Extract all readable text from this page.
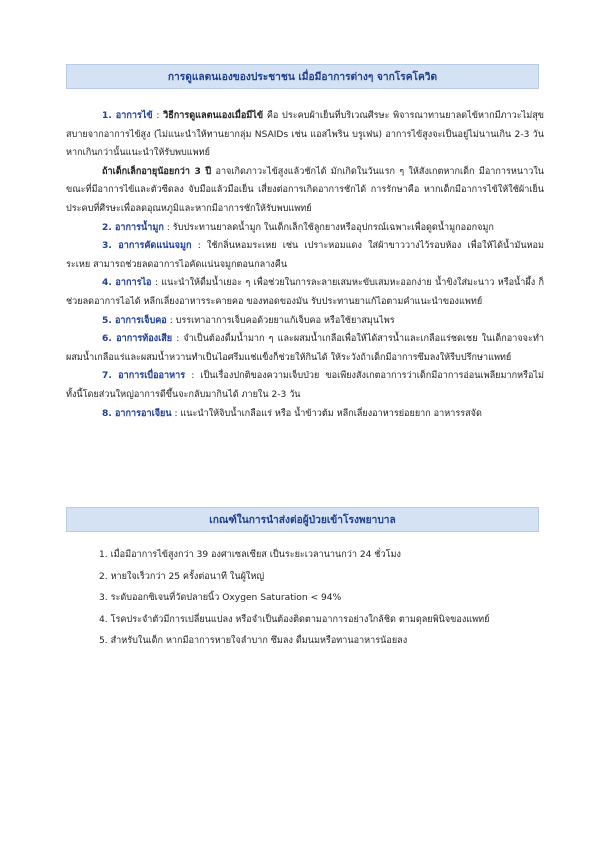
การดูแลตนเองของประชาชน เมื่อมีอาการต่างๆ จากโรคโควิด

1. อาการไข้ : วิธีการดูแลตนเองเมื่อมีไข้ คือ ประคบผ้าเย็นที่บริเวณศีรษะ พิจารณาทานยาลดไข้หากมีภาวะไม่สุขสบายจากอาการไข้สูง (ไม่แนะนำให้ทานยากลุ่ม NSAIDs เช่น แอสไพริน บรูเฟน) อาการไข้สูงจะเป็นอยู่ไม่นานเกิน 2-3 วัน หากเกินกว่านั้นแนะนำให้รับพบแพทย์

ถ้าเด็กเล็กอายุน้อยกว่า 3 ปี อาจเกิดภาวะไข้สูงแล้วชักได้ มักเกิดในวันแรก ๆ ให้สังเกตหากเด็ก มีอาการหนาวในขณะที่มีอาการไข้และตัวซีดลง จับมือแล้วมือเย็น เสี่ยงต่อการเกิดอาการชักได้ การรักษาคือ หากเด็กมีอาการไข้ให้ใช้ผ้าเย็นประคบที่ศีรษะเพื่อลดอุณหภูมิและหากมีอาการชักให้รับพบแพทย์

2. อาการน้ำมูก : รับประทานยาลดน้ำมูก ในเด็กเล็กใช้ลูกยางหรืออุปกรณ์เฉพาะเพื่อดูดน้ำมูกออกจมูก

3. อาการคัดแน่นจมูก : ใช้กลิ่นหอมระเหย เช่น เปราะหอมแดง ใส่ผ้าขาววางไว้รอบห้อง เพื่อให้ได้น้ำมันหอมระเหย สามารถช่วยลดอาการไอคัดแน่นจมูกตอนกลางคืน

4. อาการไอ : แนะนำให้ดื่มน้ำเยอะ ๆ เพื่อช่วยในการละลายเสมหะขับเสมหะออกง่าย น้ำขิงใส่มะนาว หรือน้ำผึ้ง ก็ช่วยลดอาการไอได้ หลีกเลี่ยงอาหารระคายคอ ของทอดของมัน รับประทานยาแก้ไอตามคำแนะนำของแพทย์

5. อาการเจ็บคอ : บรรเทาอาการเจ็บคอด้วยยาแก้เจ็บคอ หรือใช้ยาสมุนไพร

6. อาการท้องเสีย : จำเป็นต้องดื่มน้ำมาก ๆ และผสมน้ำเกลือเพื่อให้ได้สารน้ำและเกลือแร่ชดเชย ในเด็กอาจจะทำผสมน้ำเกลือแร่และผสมน้ำหวานทำเป็นไอศรีมแช่แข็งก็ช่วยให้กินได้ ให้ระวังถ้าเด็กมีอาการซึมลงให้รีบปรึกษาแพทย์

7. อาการเบื่ออาหาร : เป็นเรื่องปกติของความเจ็บป่วย ขอเพียงสังเกตอาการว่าเด็กมีอาการอ่อนเพลียมากหรือไม่ ทั้งนี้โดยส่วนใหญ่อาการดีขึ้นจะกลับมากินได้ ภายใน 2-3 วัน

8. อาการอาเจียน : แนะนำให้จิบน้ำเกลือแร่ หรือ น้ำข้าวต้ม หลีกเลี่ยงอาหารย่อยยาก อาหารรสจัด

เกณฑ์ในการนำส่งต่อผู้ป่วยเข้าโรงพยาบาล
1. เมื่อมีอาการไข้สูงกว่า 39 องศาเซลเซียส เป็นระยะเวลานานกว่า 24 ชั่วโมง
2. หายใจเร็วกว่า 25 ครั้งต่อนาที ในผู้ใหญ่
3. ระดับออกซิเจนที่วัดปลายนิ้ว Oxygen Saturation < 94%
4. โรคประจำตัวมีการเปลี่ยนแปลง หรือจำเป็นต้องติดตามอาการอย่างใกล้ชิด ตามดุลยพินิจของแพทย์
5. สำหรับในเด็ก หากมีอาการหายใจลำบาก ซึมลง ดื่มนมหรือทานอาหารน้อยลง
